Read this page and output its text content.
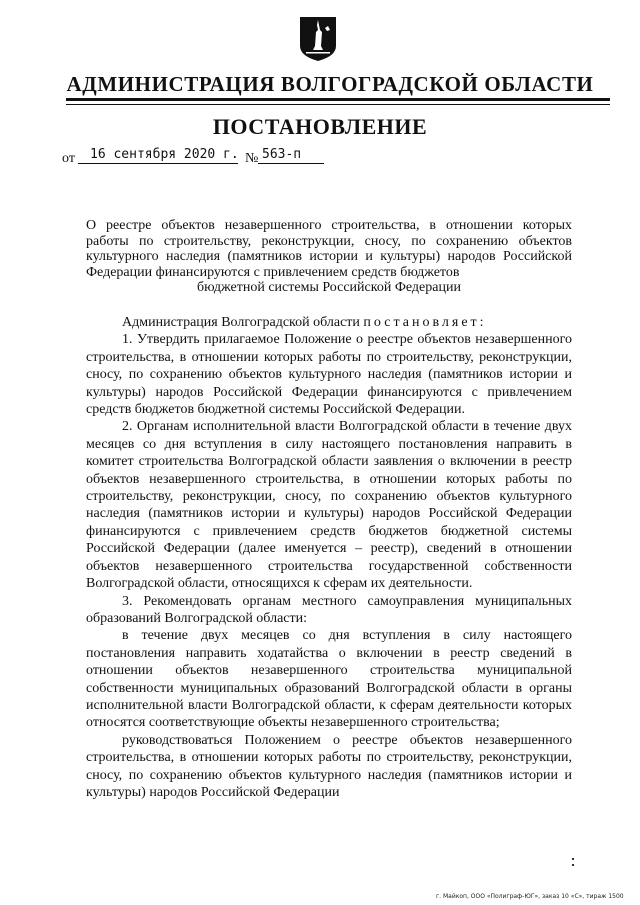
АДМИНИСТРАЦИЯ ВОЛГОГРАДСКОЙ ОБЛАСТИ
ПОСТАНОВЛЕНИЕ
от 16 сентября 2020 г. № 563-п

О реестре объектов незавершенного строительства, в отношении которых работы по строительству, реконструкции, сносу, по сохранению объектов культурного наследия (памятников истории и культуры) народов Российской Федерации финансируются с привлечением средств бюджетов
бюджетной системы Российской Федерации

Администрация Волгоградской области постановляет:

1. Утвердить прилагаемое Положение о реестре объектов незавершенного строительства, в отношении которых работы по строительству, реконструкции, сносу, по сохранению объектов культурного наследия (памятников истории и культуры) народов Российской Федерации финансируются с привлечением средств бюджетов бюджетной системы Российской Федерации.

2. Органам исполнительной власти Волгоградской области в течение двух месяцев со дня вступления в силу настоящего постановления направить в комитет строительства Волгоградской области заявления о включении в реестр объектов незавершенного строительства, в отношении которых работы по строительству, реконструкции, сносу, по сохранению объектов культурного наследия (памятников истории и культуры) народов Российской Федерации финансируются с привлечением средств бюджетов бюджетной системы Российской Федерации (далее именуется – реестр), сведений в отношении объектов незавершенного строительства государственной собственности Волгоградской области, относящихся к сферам их деятельности.

3. Рекомендовать органам местного самоуправления муниципальных образований Волгоградской области:

в течение двух месяцев со дня вступления в силу настоящего постановления направить ходатайства о включении в реестр сведений в отношении объектов незавершенного строительства муниципальной собственности муниципальных образований Волгоградской области в органы исполнительной власти Волгоградской области, к сферам деятельности которых относятся соответствующие объекты незавершенного строительства;

руководствоваться Положением о реестре объектов незавершенного строительства, в отношении которых работы по строительству, реконструкции, сносу, по сохранению объектов культурного наследия (памятников истории и культуры) народов Российской Федерации

г. Майкоп, ООО «Полиграф-ЮГ», заказ 10 «С», тираж 1500
